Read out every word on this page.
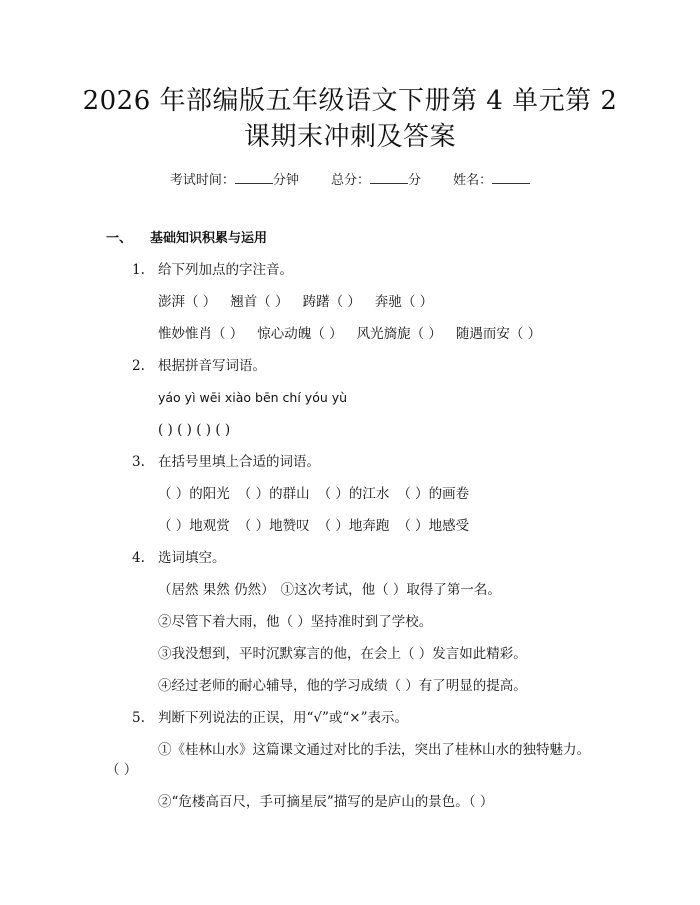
2026 年部编版五年级语文下册第 4 单元第 2
课期末冲刺及答案
考试时间：	分钟 总分：	分 姓名：
一、 基础知识积累与运用
1. 给下列加点的字注音。
澎湃（ ） 翘首（ ） 踌躇（ ） 奔驰（ ）
惟妙惟肖（ ） 惊心动魄（ ） 风光旖旎（ ） 随遇而安（ ）
2. 根据拼音写词语。
yáo yì wēi xiào bēn chí yóu yù
( ) ( ) ( ) ( )
3. 在括号里填上合适的词语。
（ ）的阳光 （ ）的群山 （ ）的江水 （ ）的画卷
（ ）地观赏 （ ）地赞叹 （ ）地奔跑 （ ）地感受
4. 选词填空。
（居然 果然 仍然） ①这次考试，他（ ）取得了第一名。
②尽管下着大雨，他（ ）坚持准时到了学校。
③我没想到，平时沉默寡言的他，在会上（ ）发言如此精彩。
④经过老师的耐心辅导，他的学习成绩（ ）有了明显的提高。
5. 判断下列说法的正误，用“√”或“×”表示。
①《桂林山水》这篇课文通过对比的手法，突出了桂林山水的独特魅力。
（ ）
②“危楼高百尺，手可摘星辰”描写的是庐山的景色。（ ）
